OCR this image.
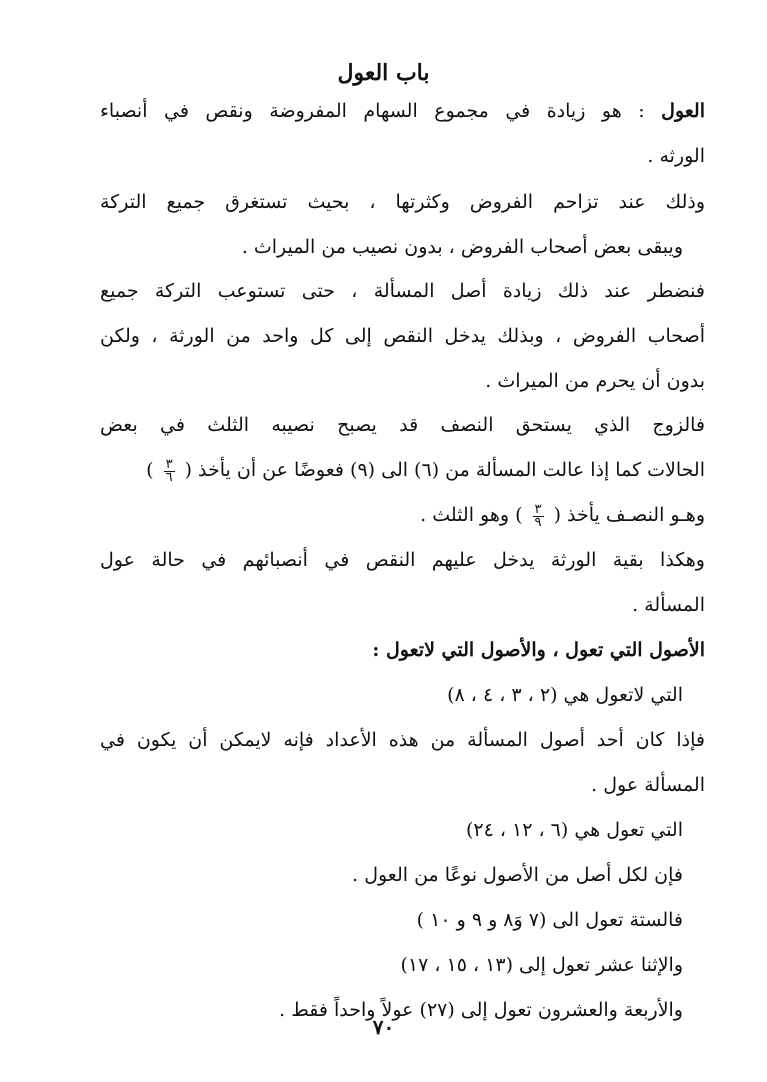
باب العول
العول : هو زيادة في مجموع السهام المفروضة ونقص في أنصباء
الورثه .
وذلك عند تزاحم الفروض وكثرتها ، بحيث تستغرق جميع التركة
ويبقى بعض أصحاب الفروض ، بدون نصيب من الميراث .
فنضطر عند ذلك زيادة أصل المسألة ، حتى تستوعب التركة جميع
أصحاب الفروض ، وبذلك يدخل النقص إلى كل واحد من الورثة ، ولكن
بدون أن يحرم من الميراث .
فالزوج الذي يستحق النصف قد يصبح نصيبه الثلث في بعض
الحالات كما إذا عالت المسألة من (٦) الى (٩) فعوضًا عن أن يأخذ (
$\frac{٣}{٦}$
)
وهـو النصـف يأخذ (
$\frac{٣}{٩}$
) وهو الثلث .
وهكذا بقية الورثة يدخل عليهم النقص في أنصبائهم في حالة عول
المسألة .
الأصول التي تعول ، والأصول التي لاتعول :
التي لاتعول هي (٢ ، ٣ ، ٤ ، ٨)
فإذا كان أحد أصول المسألة من هذه الأعداد فإنه لايمكن أن يكون في
المسألة عول .
التي تعول هي (٦ ، ١٢ ، ٢٤)
فإن لكل أصل من الأصول نوعًا من العول .
فالستة تعول الى (٧ وَ٨ و ٩ و ١٠ )
والإثنا عشر تعول إلى (١٣ ، ١٥ ، ١٧)
والأربعة والعشرون تعول إلى (٢٧) عولاً واحداً فقط .
٧٠
